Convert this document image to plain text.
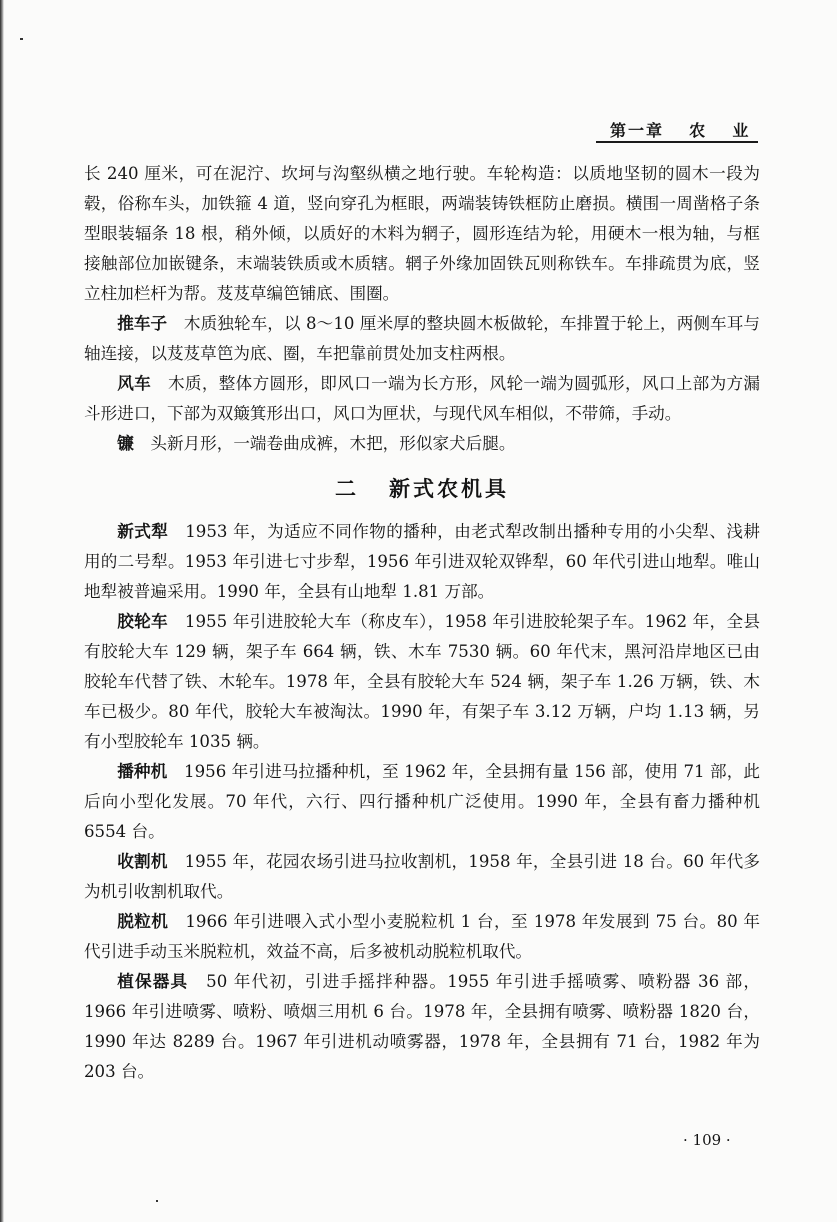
第一章 农 业

长 240 厘米，可在泥泞、坎坷与沟壑纵横之地行驶。车轮构造：以质地坚韧的圆木一段为毂，俗称车头，加铁箍 4 道，竖向穿孔为框眼，两端装铸铁框防止磨损。横围一周凿格子条型眼装辐条 18 根，稍外倾，以质好的木料为辋子，圆形连结为轮，用硬木一根为轴，与框接触部位加嵌键条，末端装铁质或木质辖。辋子外缘加固铁瓦则称铁车。车排疏贯为底，竖立柱加栏杆为帮。芨芨草编笆铺底、围圈。

推车子 木质独轮车，以 8～10 厘米厚的整块圆木板做轮，车排置于轮上，两侧车耳与轴连接，以芨芨草笆为底、圈，车把靠前贯处加支柱两根。

风车 木质，整体方圆形，即风口一端为长方形，风轮一端为圆弧形，风口上部为方漏斗形进口，下部为双簸箕形出口，风口为匣状，与现代风车相似，不带筛，手动。

镰 头新月形，一端卷曲成裤，木把，形似家犬后腿。

二 新式农机具

新式犁 1953 年，为适应不同作物的播种，由老式犁改制出播种专用的小尖犁、浅耕用的二号犁。1953 年引进七寸步犁，1956 年引进双轮双铧犁，60 年代引进山地犁。唯山地犁被普遍采用。1990 年，全县有山地犁 1.81 万部。

胶轮车 1955 年引进胶轮大车（称皮车），1958 年引进胶轮架子车。1962 年，全县有胶轮大车 129 辆，架子车 664 辆，铁、木车 7530 辆。60 年代末，黑河沿岸地区已由胶轮车代替了铁、木轮车。1978 年，全县有胶轮大车 524 辆，架子车 1.26 万辆，铁、木车已极少。80 年代，胶轮大车被淘汰。1990 年，有架子车 3.12 万辆，户均 1.13 辆，另有小型胶轮车 1035 辆。

播种机 1956 年引进马拉播种机，至 1962 年，全县拥有量 156 部，使用 71 部，此后向小型化发展。70 年代，六行、四行播种机广泛使用。1990 年，全县有畜力播种机 6554 台。

收割机 1955 年，花园农场引进马拉收割机，1958 年，全县引进 18 台。60 年代多为机引收割机取代。

脱粒机 1966 年引进喂入式小型小麦脱粒机 1 台，至 1978 年发展到 75 台。80 年代引进手动玉米脱粒机，效益不高，后多被机动脱粒机取代。

植保器具 50 年代初，引进手摇拌种器。1955 年引进手摇喷雾、喷粉器 36 部，1966 年引进喷雾、喷粉、喷烟三用机 6 台。1978 年，全县拥有喷雾、喷粉器 1820 台，1990 年达 8289 台。1967 年引进机动喷雾器，1978 年，全县拥有 71 台，1982 年为 203 台。

· 109 ·
